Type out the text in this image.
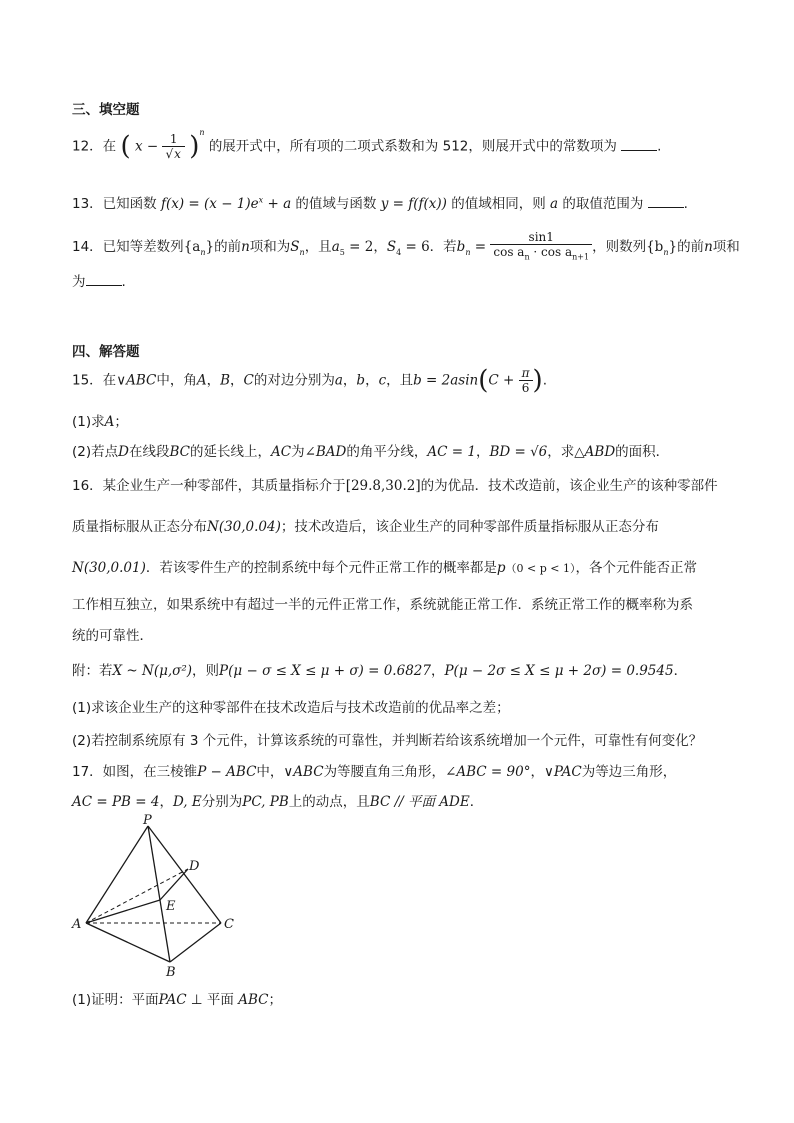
三、填空题
12．在 ( $x - \frac{1}{√x} )^n$ 的展开式中，所有项的二项式系数和为 512，则展开式中的常数项为	.
13．已知函数 $f(x) = (x - 1)e^x + a$ 的值域与函数 y = f(f(x)) 的值域相同，则 a 的取值范围为	.
14．已知等差数列$\{a_n\}$的前n项和为$S_n$，且$a_5 = 2$，$S_4 = 6$．若$b_n = \frac{\sin 1}{\cos a_n \cdot \cos a_{n+1}}$ ，则数列$\{b_n\}$的前n项和
为	.
四、解答题
15．在∨ABC中，角A，B，C的对边分别为a，b，c，且$b = 2asin(C + \frac{\pi}{6}$ ).
(1)求A；
(2)若点D在线段BC的延长线上，AC为∠BAD的角平分线，AC = 1，BD = √6，求△ABD的面积．
16．某企业生产一种零部件，其质量指标介于[29.8,30.2]的为优品．技术改造前，该企业生产的该种零部件
质量指标服从正态分布N(30,0.04)；技术改造后，该企业生产的同种零部件质量指标服从正态分布
N(30,0.01)．若该零件生产的控制系统中每个元件正常工作的概率都是p（0 < p < 1），各个元件能否正常
工作相互独立，如果系统中有超过一半的元件正常工作，系统就能正常工作．系统正常工作的概率称为系
统的可靠性．
附：若X ~ N(μ,σ²)，则P(μ − σ ≤ X ≤ μ + σ) = 0.6827，P(μ − 2σ ≤ X ≤ μ + 2σ) = 0.9545．
(1)求该企业生产的这种零部件在技术改造后与技术改造前的优品率之差；
(2)若控制系统原有 3 个元件，计算该系统的可靠性，并判断若给该系统增加一个元件，可靠性有何变化？
17．如图，在三棱锥P − ABC中，∨ABC为等腰直角三角形，∠ABC = 90°，∨PAC为等边三角形，
AC = PB = 4，D, E分别为PC, PB上的动点，且BC // 平面 ADE．
P
D
E
A	C
B
(1)证明：平面PAC ⊥ 平面 ABC；
